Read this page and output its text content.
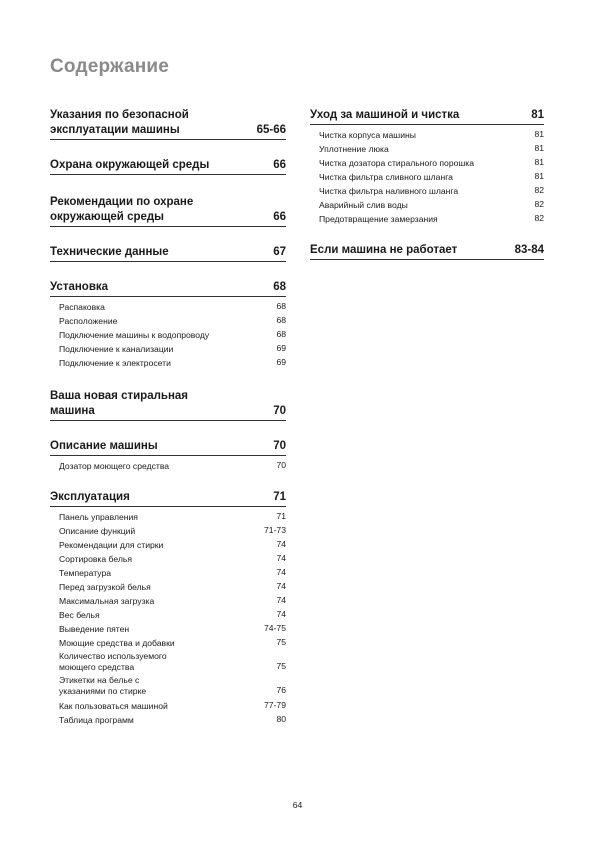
Содержание
Указания по безопасной
эксплуатации машины	65-66
Охрана окружающей среды	66
Рекомендации по охране
окружающей среды	66
Технические данные	67
Установка	68
Распаковка	68
Расположение	68
Подключение машины к водопроводу	68
Подключение к канализации	69
Подключение к электросети	69
Ваша новая стиральная
машина	70
Описание машины	70
Дозатор моющего средства	70
Эксплуатация	71
Панель управления	71
Описание функций	71-73
Рекомендации для стирки	74
Сортировка белья	74
Температура	74
Перед загрузкой белья	74
Максимальная загрузка	74
Вес белья	74
Выведение пятен	74-75
Моющие средства и добавки	75
Количество используемого
моющего средства	75
Этикетки на белье с
указаниями по стирке	76
Как пользоваться машиной	77-79
Таблица программ	80
Уход за машиной и чистка	81
Чистка корпуса машины	81
Уплотнение люка	81
Чистка дозатора стирального порошка	81
Чистка фильтра сливного шланга	81
Чистка фильтра наливного шланга	82
Аварийный слив воды	82
Предотвращение замерзания	82
Если машина не работает	83-84
64
